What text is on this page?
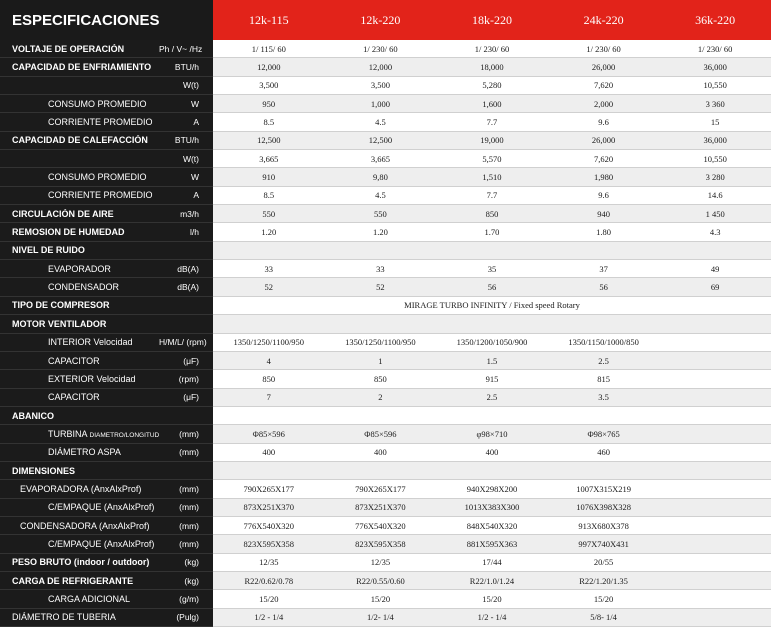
ESPECIFICACIONES	12k-115	12k-220	18k-220	24k-220	36k-220
VOLTAJE DE OPERACIÓN	Ph / V~ /Hz	1/ 115/ 60	1/ 230/ 60	1/ 230/ 60	1/ 230/ 60	1/ 230/ 60
CAPACIDAD DE ENFRIAMIENTO	BTU/h	12,000	12,000	18,000	26,000	36,000
W(t)	3,500	3,500	5,280	7,620	10,550
CONSUMO PROMEDIO	W	950	1,000	1,600	2,000	3 360
CORRIENTE PROMEDIO	A	8.5	4.5	7.7	9.6	15
CAPACIDAD DE CALEFACCIÓN	BTU/h	12,500	12,500	19,000	26,000	36,000
W(t)	3,665	3,665	5,570	7,620	10,550
CONSUMO PROMEDIO	W	910	9,80	1,510	1,980	3 280
CORRIENTE PROMEDIO	A	8.5	4.5	7.7	9.6	14.6
CIRCULACIÓN DE AIRE	m3/h	550	550	850	940	1 450
REMOSION DE HUMEDAD	l/h	1.20	1.20	1.70	1.80	4.3
NIVEL DE RUIDO
EVAPORADOR	dB(A)	33	33	35	37	49
CONDENSADOR	dB(A)	52	52	56	56	69
TIPO DE COMPRESOR	MIRAGE TURBO INFINITY / Fixed speed Rotary
MOTOR VENTILADOR
INTERIOR Velocidad	H/M/L/ (rpm)	1350/1250/1100/950	1350/1250/1100/950	1350/1200/1050/900	1350/1150/1000/850
CAPACITOR	(μF)	4	1	1.5	2.5
EXTERIOR Velocidad	(rpm)	850	850	915	815
CAPACITOR	(μF)	7	2	2.5	3.5
ABANICO
TURBINA DIAMETRO/LONGITUD	(mm)	Φ85×596	Φ85×596	φ98×710	Φ98×765
DIÁMETRO ASPA	(mm)	400	400	400	460
DIMENSIONES
EVAPORADORA (AnxAlxProf)	(mm)	790X265X177	790X265X177	940X298X200	1007X315X219
C/EMPAQUE (AnxAlxProf)	(mm)	873X251X370	873X251X370	1013X383X300	1076X398X328
CONDENSADORA (AnxAlxProf)	(mm)	776X540X320	776X540X320	848X540X320	913X680X378
C/EMPAQUE (AnxAlxProf)	(mm)	823X595X358	823X595X358	881X595X363	997X740X431
PESO BRUTO (indoor / outdoor)	(kg)	12/35	12/35	17/44	20/55
CARGA DE REFRIGERANTE	(kg)	R22/0.62/0.78	R22/0.55/0.60	R22/1.0/1.24	R22/1.20/1.35
CARGA ADICIONAL	(g/m)	15/20	15/20	15/20	15/20
DIÁMETRO DE TUBERIA	(Pulg)	1/2 - 1/4	1/2- 1/4	1/2 - 1/4	5/8- 1/4
